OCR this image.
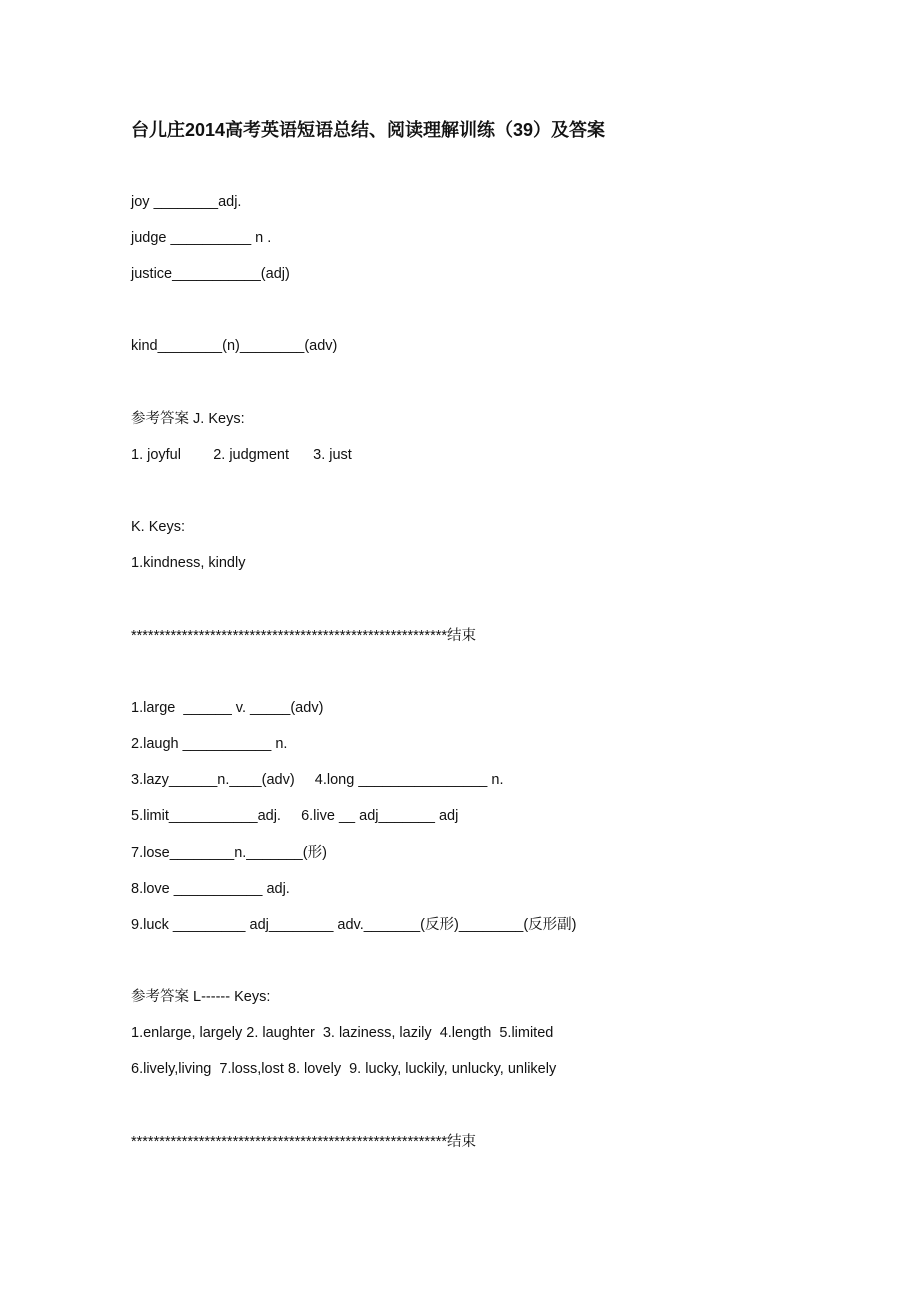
台儿庄2014高考英语短语总结、阅读理解训练（39）及答案
joy ________adj.
judge __________ n .
justice___________(adj)
kind________(n)________(adv)
参考答案 J. Keys:
1. joyful        2. judgment      3. just
K. Keys:
1.kindness, kindly
********************************************************结束
1.large  ______ v. _____(adv)
2.laugh ___________ n.
3.lazy______n.____(adv)     4.long ________________ n.
5.limit___________adj.     6.live __ adj_______ adj
7.lose________n._______(形)
8.love ___________ adj.
9.luck _________ adj________ adv._______(反形)________(反形副)
参考答案 L------ Keys:
1.enlarge, largely 2. laughter  3. laziness, lazily  4.length  5.limited
6.lively,living  7.loss,lost 8. lovely  9. lucky, luckily, unlucky, unlikely
********************************************************结束
